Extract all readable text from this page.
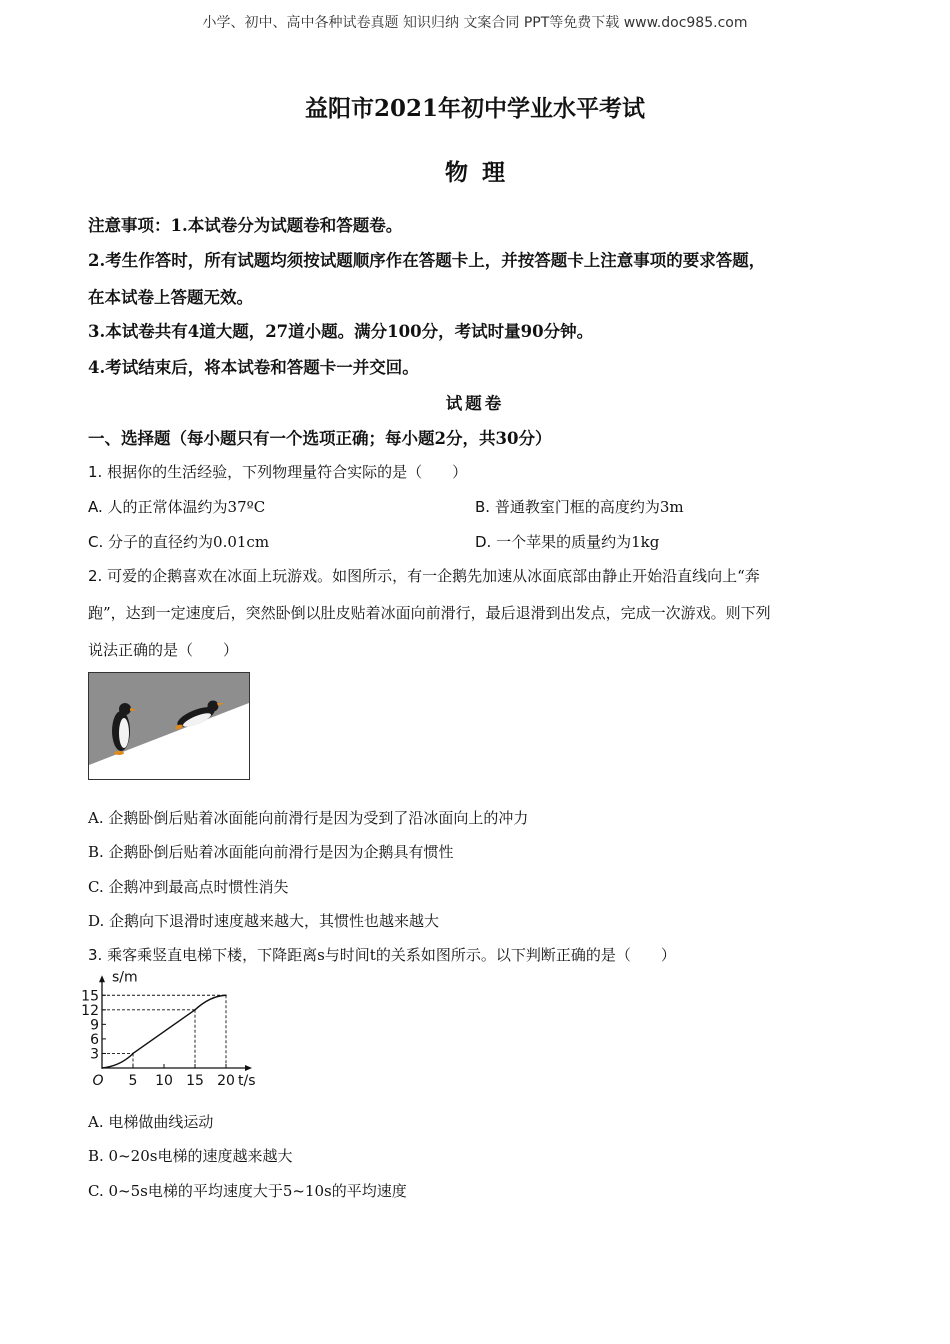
小学、初中、高中各种试卷真题 知识归纳 文案合同 PPT等免费下载 www.doc985.com
益阳市2021年初中学业水平考试
物理
注意事项：1.本试卷分为试题卷和答题卷。
2.考生作答时，所有试题均须按试题顺序作在答题卡上，并按答题卡上注意事项的要求答题，
在本试卷上答题无效。
3.本试卷共有4道大题，27道小题。满分100分，考试时量90分钟。
4.考试结束后，将本试卷和答题卡一并交回。
试题卷
一、选择题（每小题只有一个选项正确；每小题2分，共30分）
1. 根据你的生活经验，下列物理量符合实际的是（　　）
A. 人的正常体温约为37ºC	B. 普通教室门框的高度约为3m
C. 分子的直径约为0.01cm	D. 一个苹果的质量约为1kg
2. 可爱的企鹅喜欢在冰面上玩游戏。如图所示，有一企鹅先加速从冰面底部由静止开始沿直线向上“奔
跑”，达到一定速度后，突然卧倒以肚皮贴着冰面向前滑行，最后退滑到出发点，完成一次游戏。则下列
说法正确的是（　　）
A. 企鹅卧倒后贴着冰面能向前滑行是因为受到了沿冰面向上的冲力
B. 企鹅卧倒后贴着冰面能向前滑行是因为企鹅具有惯性
C. 企鹅冲到最高点时惯性消失
D. 企鹅向下退滑时速度越来越大，其惯性也越来越大
3. 乘客乘竖直电梯下楼，下降距离s与时间t的关系如图所示。以下判断正确的是（　　）
3
6
9
12
15
5 10 15 20
O
s/m
t/s
A. 电梯做曲线运动
B. 0~20s电梯的速度越来越大
C. 0~5s电梯的平均速度大于5~10s的平均速度
